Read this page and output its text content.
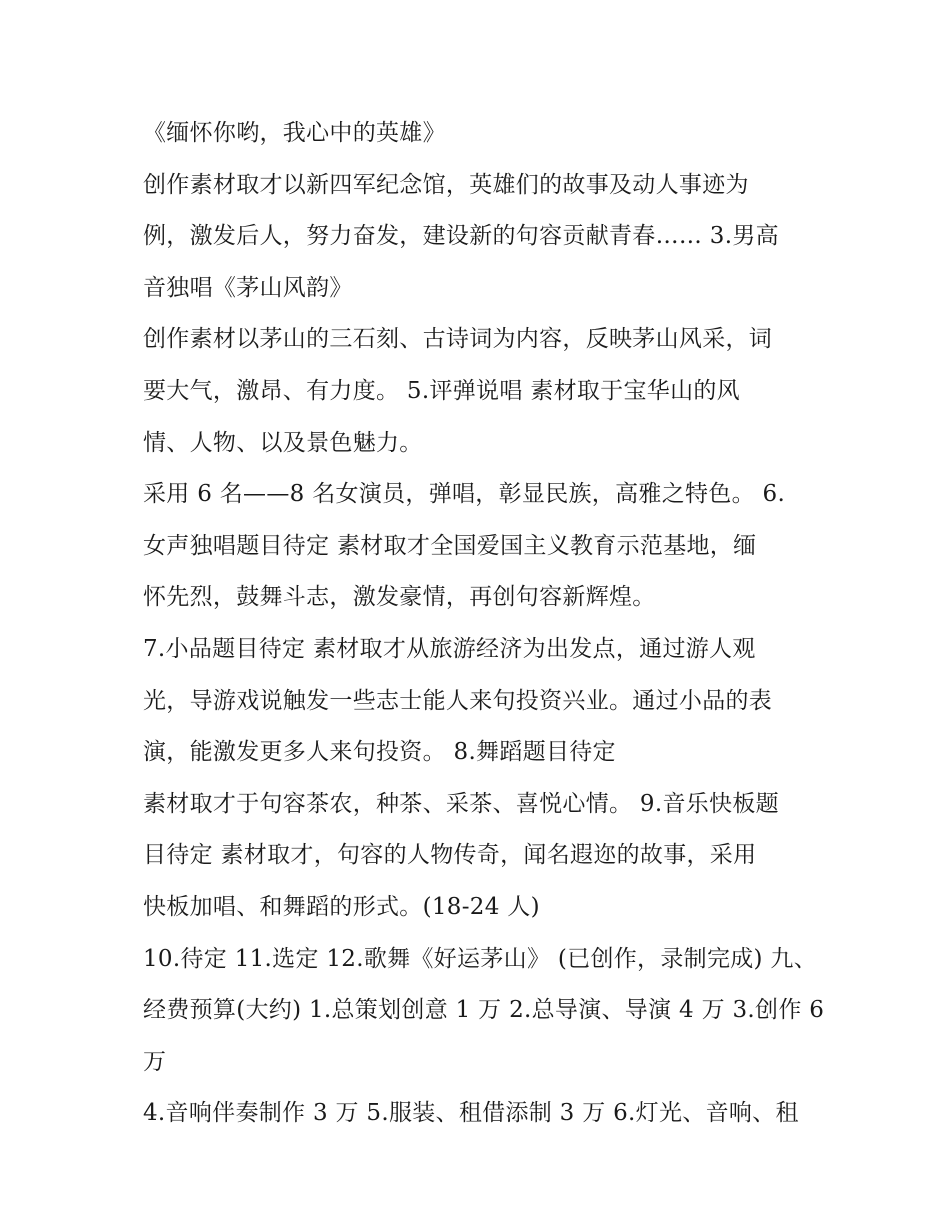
《缅怀你哟，我心中的英雄》
创作素材取才以新四军纪念馆，英雄们的故事及动人事迹为
例，激发后人，努力奋发，建设新的句容贡献青春…… 3.男高
音独唱《茅山风韵》
创作素材以茅山的三石刻、古诗词为内容，反映茅山风采，词
要大气，激昂、有力度。 5.评弹说唱 素材取于宝华山的风
情、人物、以及景色魅力。
采用 6 名——8 名女演员，弹唱，彰显民族，高雅之特色。 6.
女声独唱题目待定 素材取才全国爱国主义教育示范基地，缅
怀先烈，鼓舞斗志，激发豪情，再创句容新辉煌。
7.小品题目待定 素材取才从旅游经济为出发点，通过游人观
光，导游戏说触发一些志士能人来句投资兴业。通过小品的表
演，能激发更多人来句投资。 8.舞蹈题目待定
素材取才于句容茶农，种茶、采茶、喜悦心情。 9.音乐快板题
目待定 素材取才，句容的人物传奇，闻名遐迩的故事，采用
快板加唱、和舞蹈的形式。(18-24 人)
10.待定 11.选定 12.歌舞《好运茅山》 (已创作，录制完成) 九、
经费预算(大约) 1.总策划创意 1 万 2.总导演、导演 4 万 3.创作 6
万
4.音响伴奏制作 3 万 5.服装、租借添制 3 万 6.灯光、音响、租
